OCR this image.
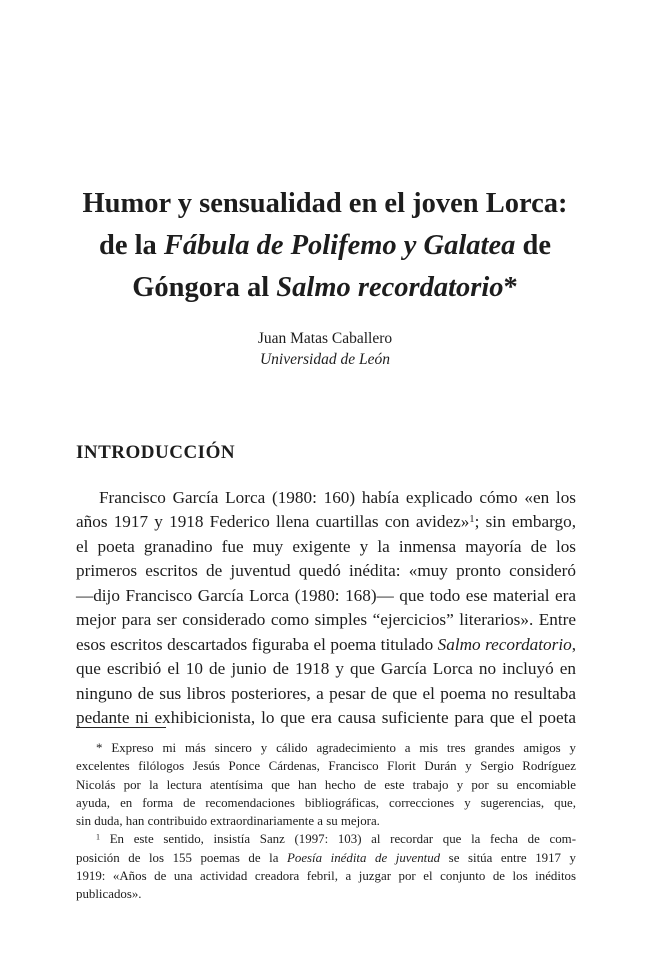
Humor y sensualidad en el joven Lorca:
de la Fábula de Polifemo y Galatea de
Góngora al Salmo recordatorio*
Juan Matas Caballero
Universidad de León
INTRODUCCIÓN
Francisco García Lorca (1980: 160) había explicado cómo «en los
años 1917 y 1918 Federico llena cuartillas con avidez»$^1$; sin embargo,
el poeta granadino fue muy exigente y la inmensa mayoría de los
primeros escritos de juventud quedó inédita: «muy pronto consideró
—dijo Francisco García Lorca (1980: 168)— que todo ese material era
mejor para ser considerado como simples “ejercicios” literarios». Entre
esos escritos descartados figuraba el poema titulado Salmo recordatorio,
que escribió el 10 de junio de 1918 y que García Lorca no incluyó en
ninguno de sus libros posteriores, a pesar de que el poema no resultaba
pedante ni exhibicionista, lo que era causa suficiente para que el poeta
* Expreso mi más sincero y cálido agradecimiento a mis tres grandes amigos y
excelentes filólogos Jesús Ponce Cárdenas, Francisco Florit Durán y Sergio Rodríguez
Nicolás por la lectura atentísima que han hecho de este trabajo y por su encomiable
ayuda, en forma de recomendaciones bibliográficas, correcciones y sugerencias, que,
sin duda, han contribuido extraordinariamente a su mejora.
$^1$ En este sentido, insistía Sanz (1997: 103) al recordar que la fecha de com-
posición de los 155 poemas de la Poesía inédita de juventud se sitúa entre 1917 y
1919: «Años de una actividad creadora febril, a juzgar por el conjunto de los inéditos
publicados».
